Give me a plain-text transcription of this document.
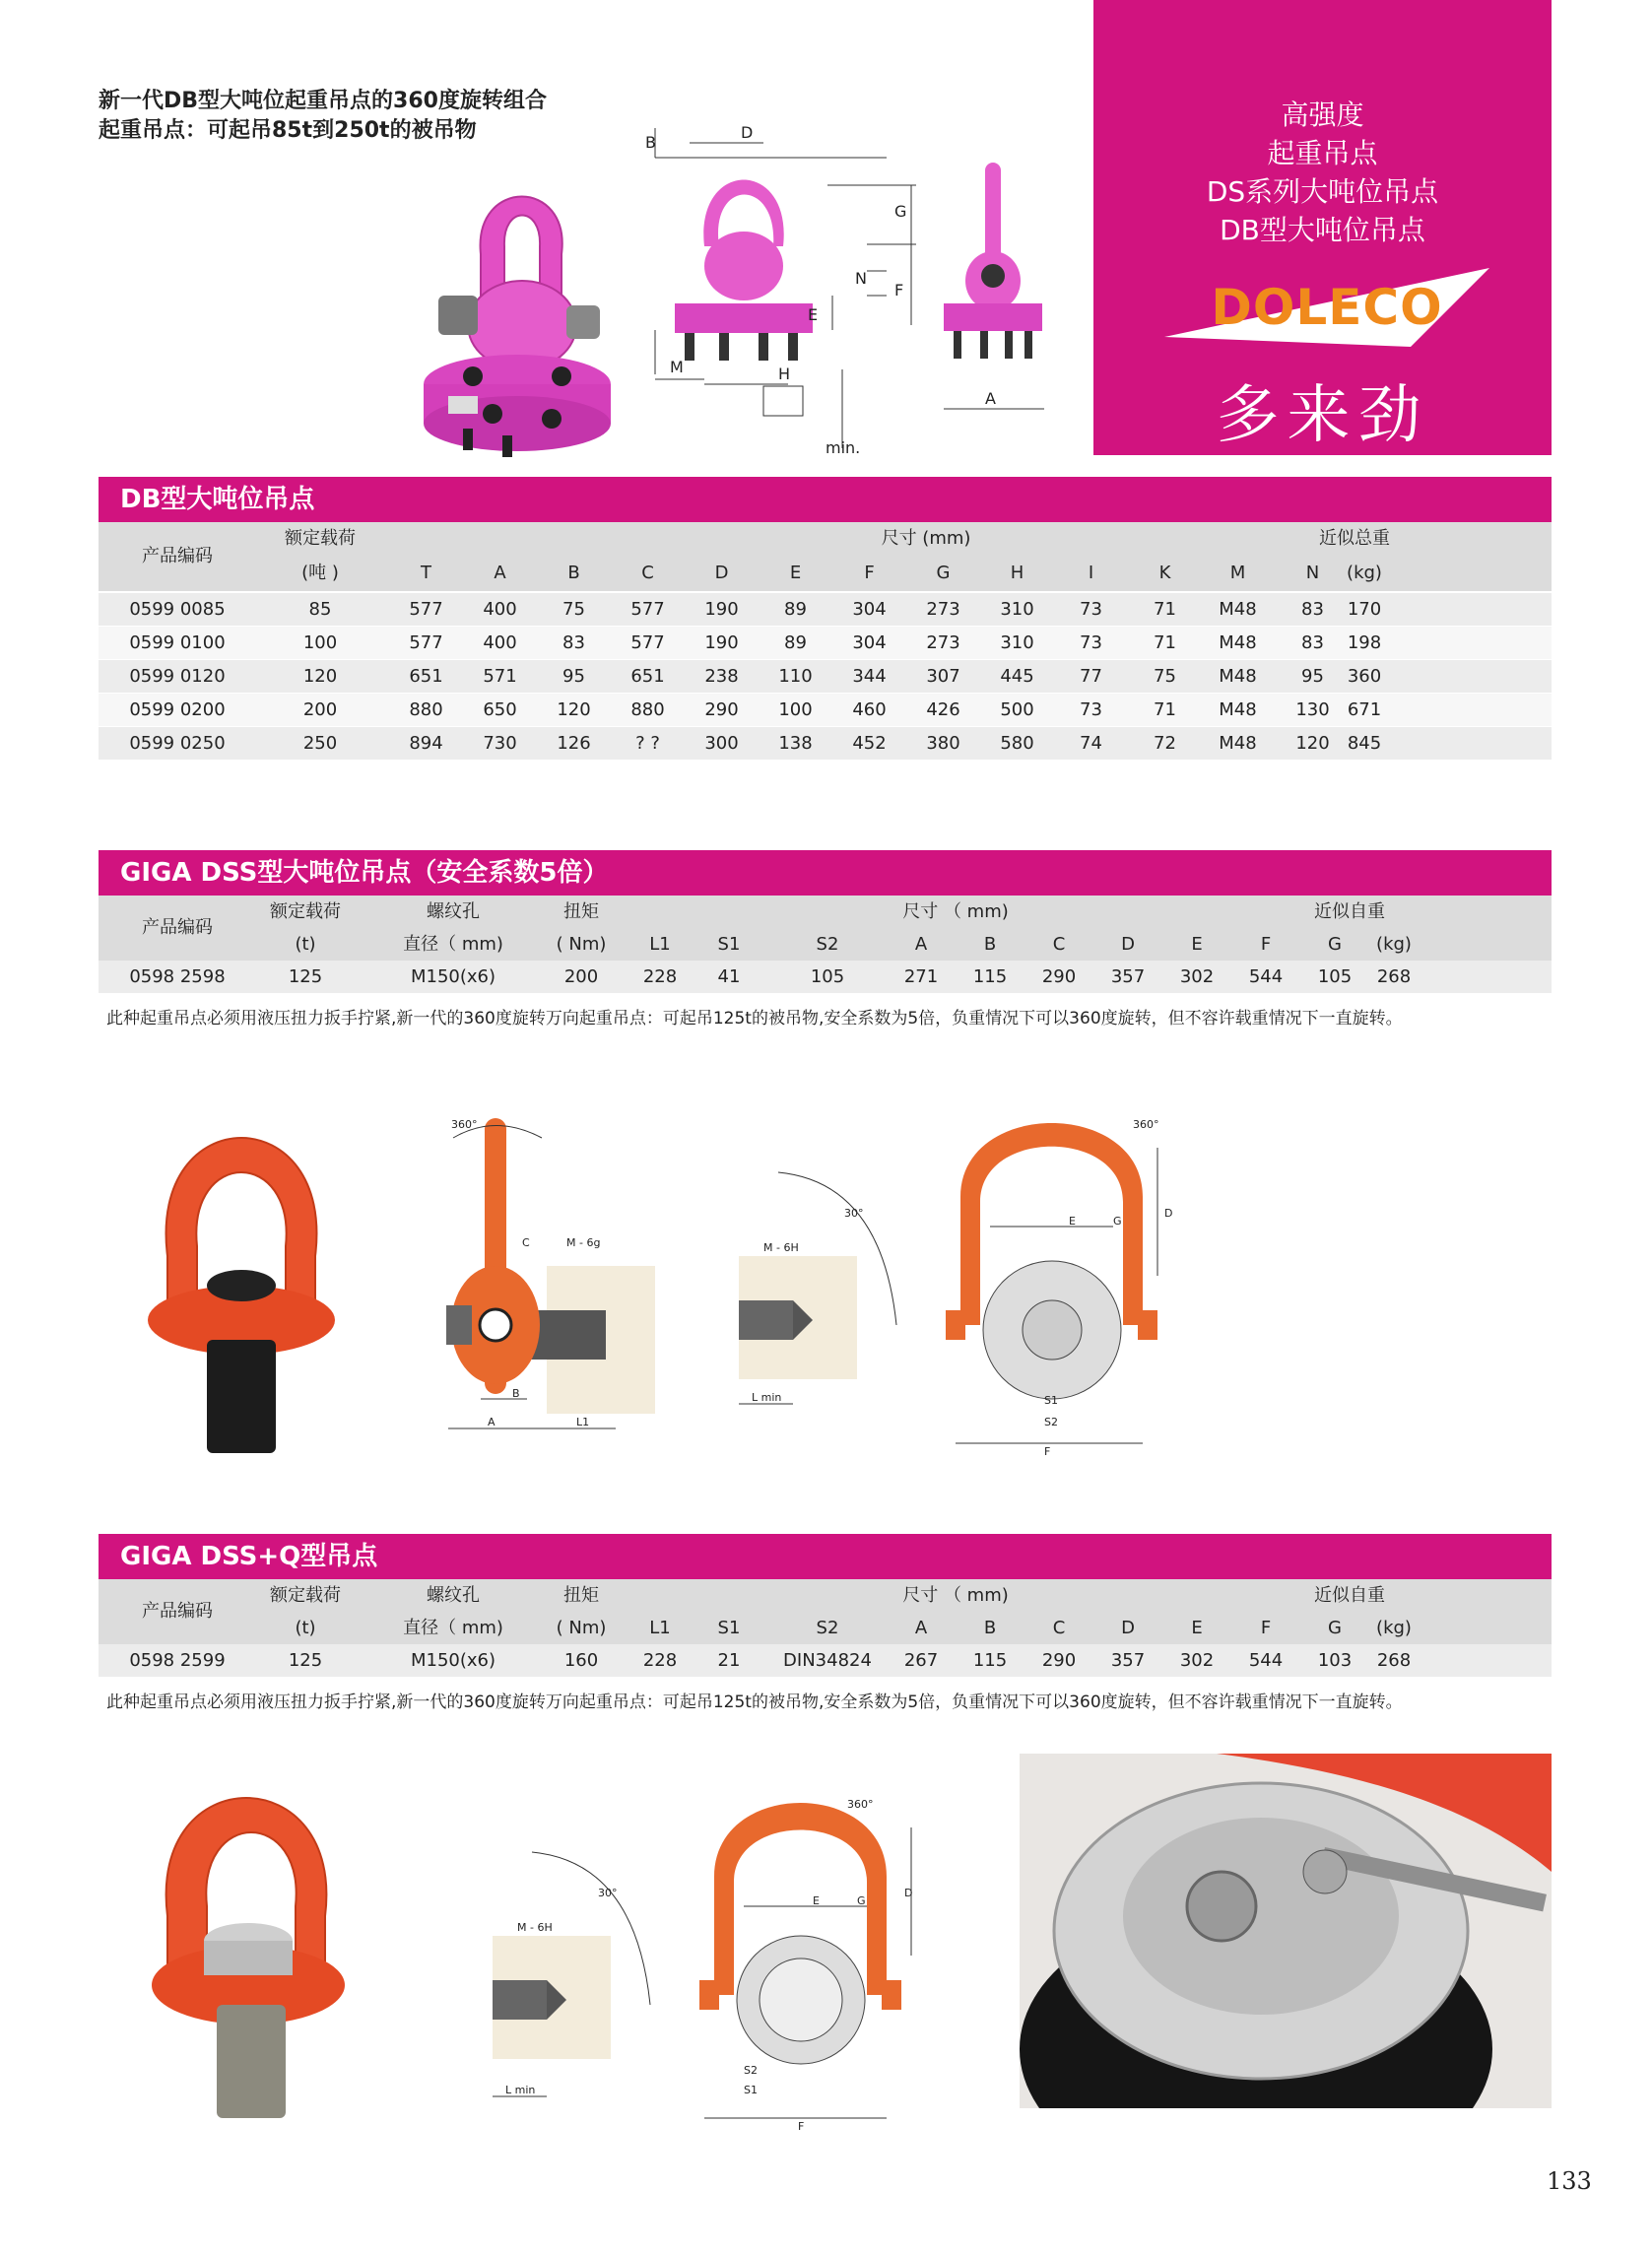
新一代DB型大吨位起重吊点的360度旋转组合
起重吊点：可起吊85t到250t的被吊物	B
D
G
N
F
E
M	H
min.
A
高强度
起重吊点
DS系列大吨位吊点
DB型大吨位吊点
DOLECO
多来劲
DB型大吨位吊点
产品编码
额定载荷	尺寸 (mm)	近似总重
(吨 )	T	A	B	C	D	E	F	G	H	I	K	M	N	(kg)
0599 0085	85	577	400	75	577	190	89	304	273	310	73	71	M48	83	170
0599 0100	100	577	400	83	577	190	89	304	273	310	73	71	M48	83	198
0599 0120	120	651	571	95	651	238	110	344	307	445	77	75	M48	95	360
0599 0200	200	880	650	120	880	290	100	460	426	500	73	71	M48	130	671
0599 0250	250	894	730	126	? ?	300	138	452	380	580	74	72	M48	120	845
GIGA DSS型大吨位吊点（安全系数5倍）
产品编码
额定载荷	螺纹孔	扭矩	尺寸 （ mm)	近似自重
(t)	直径（ mm)	( Nm)	L1	S1	S2	A	B	C	D	E	F	G	(kg)
0598 2598	125	M150(x6)	200	228	41	105	271	115	290	357	302	544	105	268
此种起重吊点必须用液压扭力扳手拧紧,新一代的360度旋转万向起重吊点：可起吊125t的被吊物,安全系数为5倍，负重情况下可以360度旋转，但不容许载重情况下一直旋转。
360°
M - 6g
C
B
A	L1
M - 6H
30°
L min
360°
E	G
D
S1
S2
F
GIGA DSS+Q型吊点
产品编码
额定载荷	螺纹孔	扭矩	尺寸 （ mm)	近似自重
(t)	直径（ mm)	( Nm)	L1	S1	S2	A	B	C	D	E	F	G	(kg)
0598 2599	125	M150(x6)	160	228	21	DIN34824	267	115	290	357	302	544	103	268
此种起重吊点必须用液压扭力扳手拧紧,新一代的360度旋转万向起重吊点：可起吊125t的被吊物,安全系数为5倍，负重情况下可以360度旋转，但不容许载重情况下一直旋转。
M - 6H
30°
L min
S2
S1
360°
E	G
D
F
133
